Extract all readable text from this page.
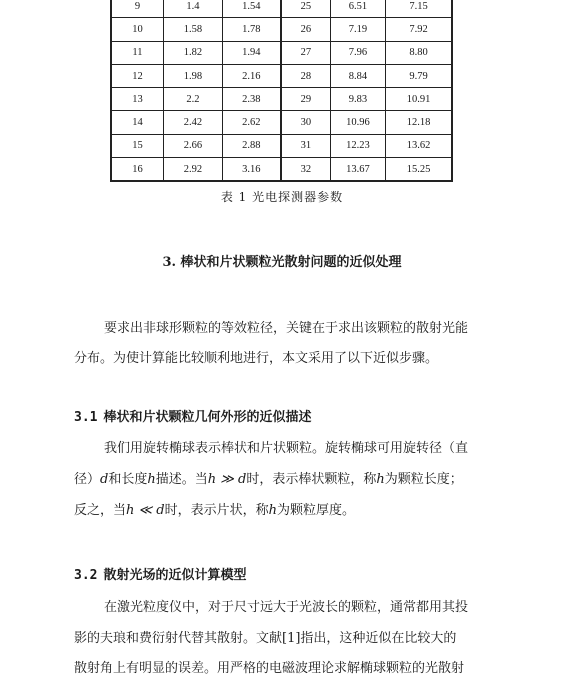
9	1.4	1.54	25	6.51	7.15
10	1.58	1.78	26	7.19	7.92
11	1.82	1.94	27	7.96	8.80
12	1.98	2.16	28	8.84	9.79
13	2.2	2.38	29	9.83	10.91
14	2.42	2.62	30	10.96	12.18
15	2.66	2.88	31	12.23	13.62
16	2.92	3.16	32	13.67	15.25
表 1 光电探测器参数
3. 棒状和片状颗粒光散射问题的近似处理
要求出非球形颗粒的等效粒径，关键在于求出该颗粒的散射光能
分布。为使计算能比较顺利地进行，本文采用了以下近似步骤。
3.1 棒状和片状颗粒几何外形的近似描述
我们用旋转椭球表示棒状和片状颗粒。旋转椭球可用旋转径（直
径）d和长度h描述。当h ≫ d时，表示棒状颗粒，称h为颗粒长度；
反之，当h ≪ d时，表示片状，称h为颗粒厚度。
3.2 散射光场的近似计算模型
在激光粒度仪中，对于尺寸远大于光波长的颗粒，通常都用其投
影的夫琅和费衍射代替其散射。文献[1]指出，这种近似在比较大的
散射角上有明显的误差。用严格的电磁波理论求解椭球颗粒的光散射
